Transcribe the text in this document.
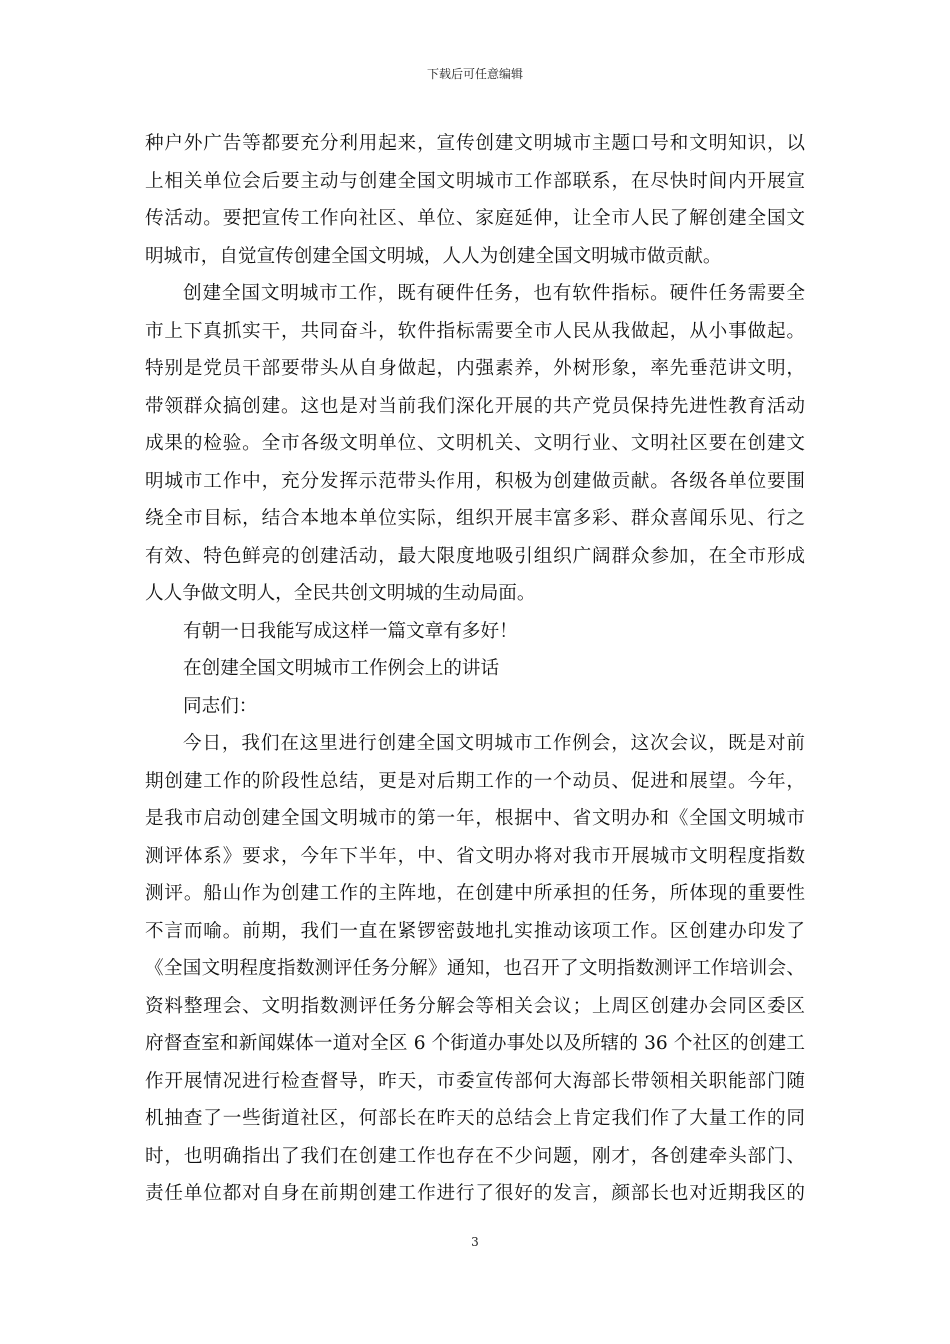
下载后可任意编辑
种户外广告等都要充分利用起来，宣传创建文明城市主题口号和文明知识，以
上相关单位会后要主动与创建全国文明城市工作部联系，在尽快时间内开展宣
传活动。要把宣传工作向社区、单位、家庭延伸，让全市人民了解创建全国文
明城市，自觉宣传创建全国文明城，人人为创建全国文明城市做贡献。
创建全国文明城市工作，既有硬件任务，也有软件指标。硬件任务需要全
市上下真抓实干，共同奋斗，软件指标需要全市人民从我做起，从小事做起。
特别是党员干部要带头从自身做起，内强素养，外树形象，率先垂范讲文明，
带领群众搞创建。这也是对当前我们深化开展的共产党员保持先进性教育活动
成果的检验。全市各级文明单位、文明机关、文明行业、文明社区要在创建文
明城市工作中，充分发挥示范带头作用，积极为创建做贡献。各级各单位要围
绕全市目标，结合本地本单位实际，组织开展丰富多彩、群众喜闻乐见、行之
有效、特色鲜亮的创建活动，最大限度地吸引组织广阔群众参加，在全市形成
人人争做文明人，全民共创文明城的生动局面。
有朝一日我能写成这样一篇文章有多好！
在创建全国文明城市工作例会上的讲话
同志们：
今日，我们在这里进行创建全国文明城市工作例会，这次会议，既是对前
期创建工作的阶段性总结，更是对后期工作的一个动员、促进和展望。今年，
是我市启动创建全国文明城市的第一年，根据中、省文明办和《全国文明城市
测评体系》要求，今年下半年，中、省文明办将对我市开展城市文明程度指数
测评。船山作为创建工作的主阵地，在创建中所承担的任务，所体现的重要性
不言而喻。前期，我们一直在紧锣密鼓地扎实推动该项工作。区创建办印发了
《全国文明程度指数测评任务分解》通知，也召开了文明指数测评工作培训会、
资料整理会、文明指数测评任务分解会等相关会议；上周区创建办会同区委区
府督查室和新闻媒体一道对全区 6 个街道办事处以及所辖的 36 个社区的创建工
作开展情况进行检查督导，昨天，市委宣传部何大海部长带领相关职能部门随
机抽查了一些街道社区，何部长在昨天的总结会上肯定我们作了大量工作的同
时，也明确指出了我们在创建工作也存在不少问题，刚才，各创建牵头部门、
责任单位都对自身在前期创建工作进行了很好的发言，颜部长也对近期我区的
3
